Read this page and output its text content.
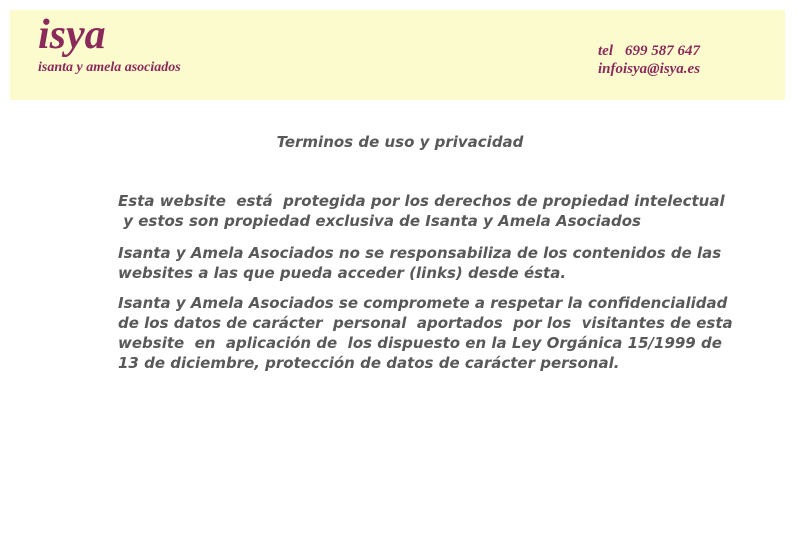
isya
isanta y amela asociados
tel 699 587 647
infoisya@isya.es
Terminos de uso y privacidad
Esta website  está  protegida por los derechos de propiedad intelectual
y estos son propiedad exclusiva de Isanta y Amela Asociados
Isanta y Amela Asociados no se responsabiliza de los contenidos de las
websites a las que pueda acceder (links) desde ésta.
Isanta y Amela Asociados se compromete a respetar la confidencialidad
de los datos de carácter  personal  aportados  por los  visitantes de esta
website  en  aplicación de  los dispuesto en la Ley Orgánica 15/1999 de
13 de diciembre, protección de datos de carácter personal.
